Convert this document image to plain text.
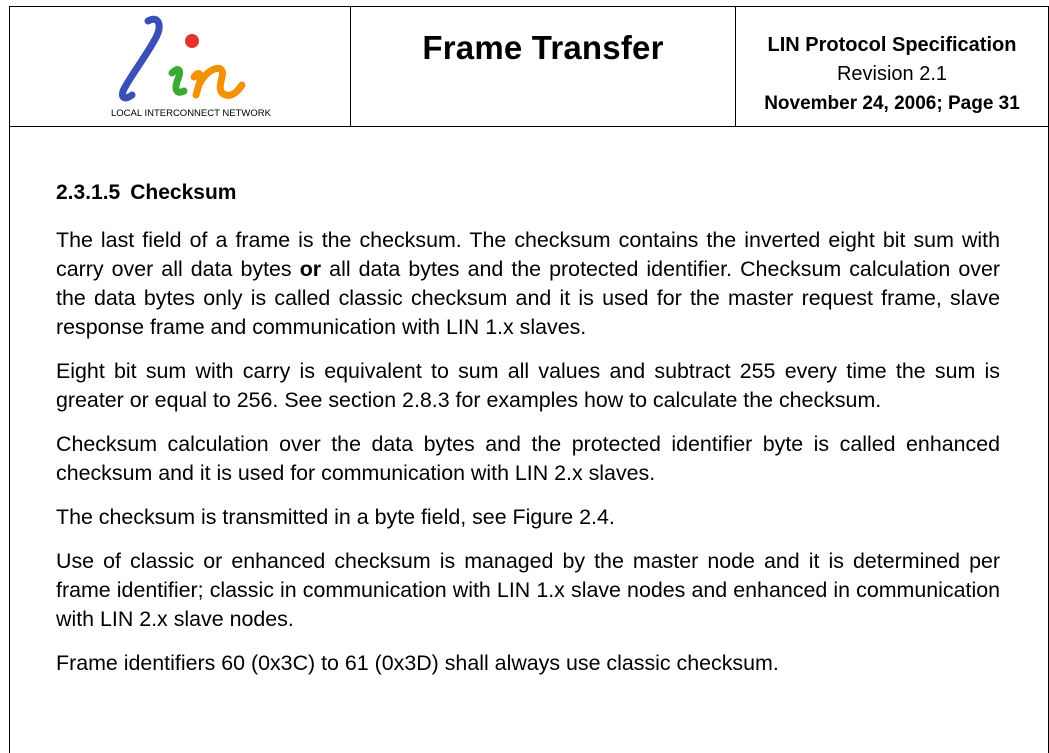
LOCAL INTERCONNECT NETWORK
Frame Transfer	LIN Protocol Specification
Revision 2.1
November 24, 2006; Page 31
2.3.1.5 Checksum

The last field of a frame is the checksum. The checksum contains the inverted eight bit sum with carry over all data bytes or all data bytes and the protected identifier. Checksum calculation over the data bytes only is called classic checksum and it is used for the master request frame, slave response frame and communication with LIN 1.x slaves.

Eight bit sum with carry is equivalent to sum all values and subtract 255 every time the sum is greater or equal to 256. See section 2.8.3 for examples how to calculate the checksum.

Checksum calculation over the data bytes and the protected identifier byte is called enhanced checksum and it is used for communication with LIN 2.x slaves.

The checksum is transmitted in a byte field, see Figure 2.4.

Use of classic or enhanced checksum is managed by the master node and it is determined per frame identifier; classic in communication with LIN 1.x slave nodes and enhanced in communication with LIN 2.x slave nodes.

Frame identifiers 60 (0x3C) to 61 (0x3D) shall always use classic checksum.
